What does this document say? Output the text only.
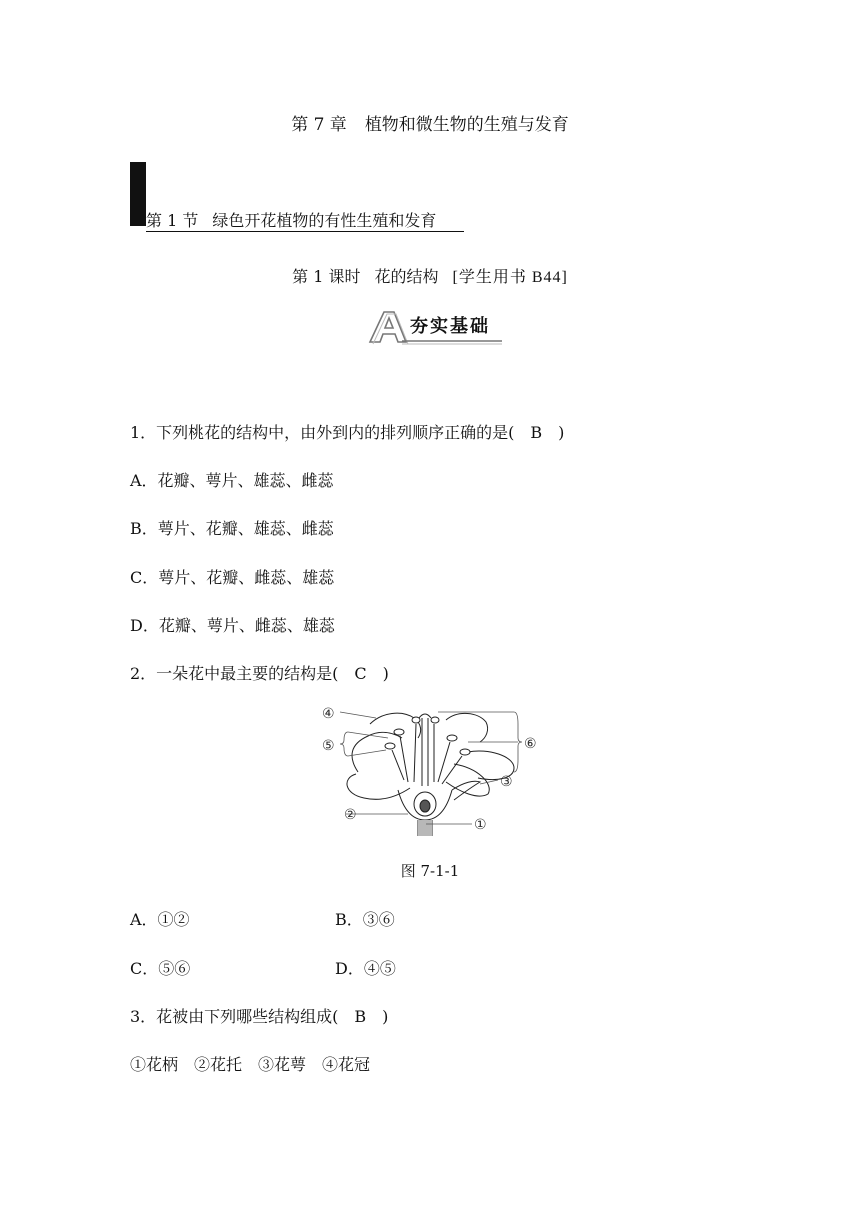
第 7 章 植物和微生物的生殖与发育
第 1 节 绿色开花植物的有性生殖和发育
第 1 课时 花的结构 [学生用书 B44]
夯实基础
1．下列桃花的结构中，由外到内的排列顺序正确的是(　B　)
A．花瓣、萼片、雄蕊、雌蕊
B．萼片、花瓣、雄蕊、雌蕊
C．萼片、花瓣、雌蕊、雄蕊
D．花瓣、萼片、雌蕊、雄蕊
2．一朵花中最主要的结构是(　C　)
④
⑤
③
⑥
②
①
图 7-1-1
A．①②	B．③⑥
C．⑤⑥	D．④⑤
3．花被由下列哪些结构组成(　B　)
①花柄　②花托　③花萼　④花冠
